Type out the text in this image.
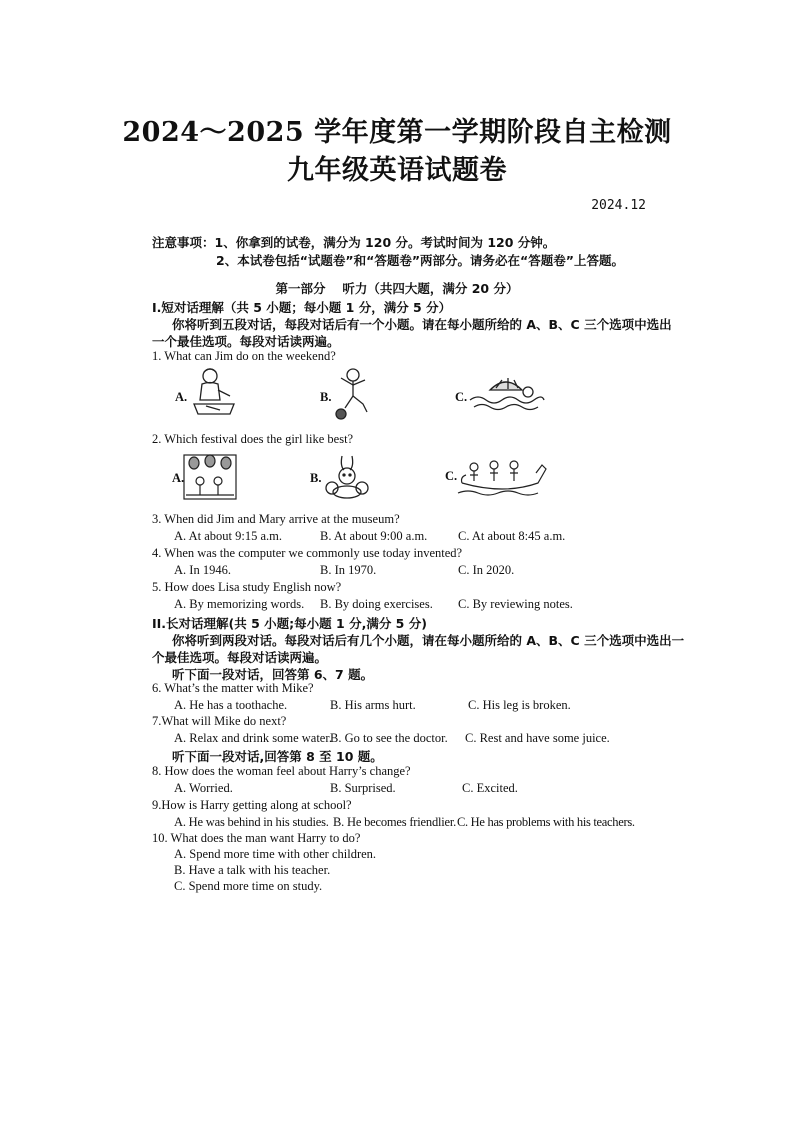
2024～2025 学年度第一学期阶段自主检测
九年级英语试题卷
2024.12
注意事项：1、你拿到的试卷，满分为 120 分。考试时间为 120 分钟。
2、本试卷包括“试题卷”和“答题卷”两部分。请务必在“答题卷”上答题。
第一部分　 听力（共四大题，满分 20 分）
I.短对话理解（共 5 小题；每小题 1 分，满分 5 分）
你将听到五段对话，每段对话后有一个小题。请在每小题所给的 A、B、C 三个选项中选出
一个最佳选项。每段对话读两遍。
1. What can Jim do on the weekend?
A.	B.	C.
2. Which festival does the girl like best?
A.	B.	C.
3. When did Jim and Mary arrive at the museum?
A. At about 9:15 a.m.	B. At about 9:00 a.m. C. At about 8:45 a.m.
4. When was the computer we commonly use today invented?
A. In 1946.	B. In 1970.	C. In 2020.
5. How does Lisa study English now?
A. By memorizing words. B. By doing exercises. C. By reviewing notes.
II.长对话理解(共 5 小题;每小题 1 分,满分 5 分)
你将听到两段对话。每段对话后有几个小题，请在每小题所给的 A、B、C 三个选项中选出一
个最佳选项。每段对话读两遍。
听下面一段对话，回答第 6、7 题。
6. What’s the matter with Mike?
A. He has a toothache.	B. His arms hurt.	C. His leg is broken.
7.What will Mike do next?
A. Relax and drink some water.
B. Go to see the doctor. C. Rest and have some juice.
听下面一段对话,回答第 8 至 10 题。
8. How does the woman feel about Harry’s change?
A. Worried.	B. Surprised.	C. Excited.
9.How is Harry getting along at school?
A. He was behind in his studies. B. He becomes friendlier. C. He has problems with his teachers.
10. What does the man want Harry to do?
A. Spend more time with other children.
B. Have a talk with his teacher.
C. Spend more time on study.
